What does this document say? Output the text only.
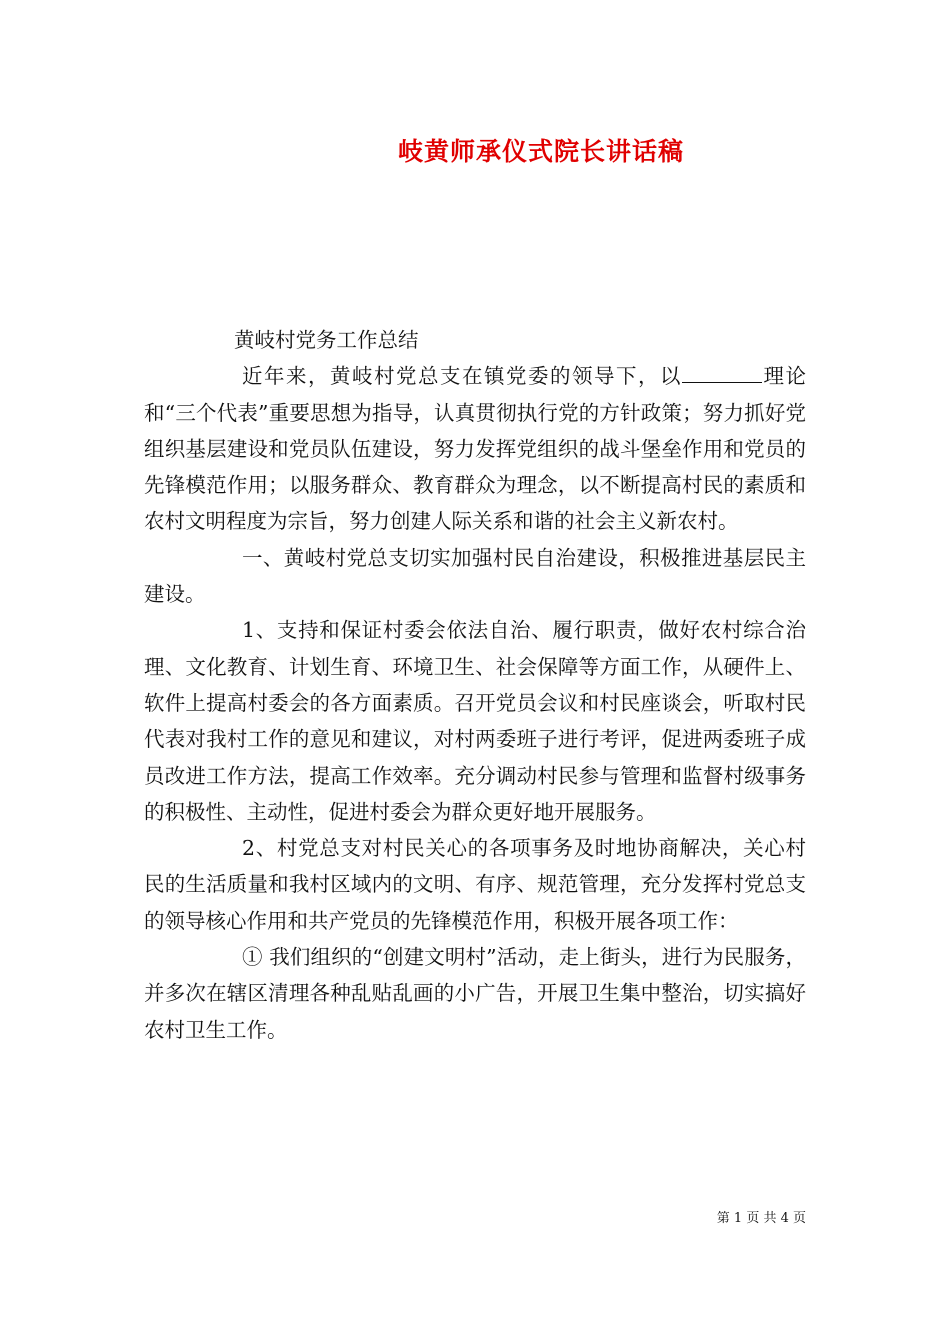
岐黄师承仪式院长讲话稿

黄岐村党务工作总结

近年来，黄岐村党总支在镇党委的领导下，以	理论和“三个代表”重要思想为指导，认真贯彻执行党的方针政策；努力抓好党组织基层建设和党员队伍建设，努力发挥党组织的战斗堡垒作用和党员的先锋模范作用；以服务群众、教育群众为理念，以不断提高村民的素质和农村文明程度为宗旨，努力创建人际关系和谐的社会主义新农村。

一、黄岐村党总支切实加强村民自治建设，积极推进基层民主建设。

1、支持和保证村委会依法自治、履行职责，做好农村综合治理、文化教育、计划生育、环境卫生、社会保障等方面工作，从硬件上、软件上提高村委会的各方面素质。召开党员会议和村民座谈会，听取村民代表对我村工作的意见和建议，对村两委班子进行考评，促进两委班子成员改进工作方法，提高工作效率。充分调动村民参与管理和监督村级事务的积极性、主动性，促进村委会为群众更好地开展服务。

2、村党总支对村民关心的各项事务及时地协商解决，关心村民的生活质量和我村区域内的文明、有序、规范管理，充分发挥村党总支的领导核心作用和共产党员的先锋模范作用，积极开展各项工作：

① 我们组织的“创建文明村”活动，走上街头，进行为民服务，并多次在辖区清理各种乱贴乱画的小广告，开展卫生集中整治，切实搞好农村卫生工作。

第 1 页 共 4 页
